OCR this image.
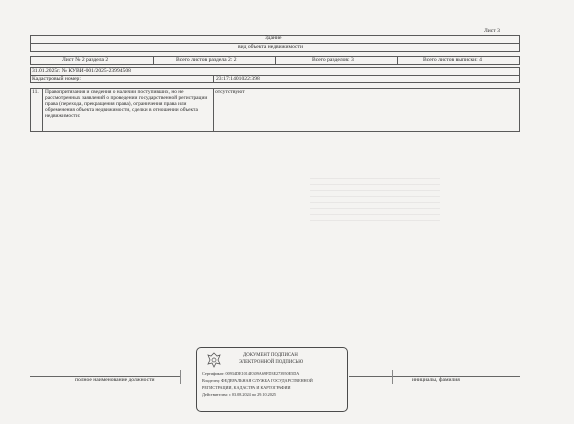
Лист 3
Здание
вид объекта недвижимости
Лист № 2 раздела 2	Всего листов раздела 2: 2	Всего разделов: 3	Всего листов выписки: 4
31.01.2025г. № КУВИ-001/2025-23994508
Кадастровый номер:	23:17:1401022:398
11. Правопритязания и сведения о наличии поступивших, но не рассмотренных заявлений о проведении государственной регистрации права (перехода, прекращения права), ограничения права или обременения объекта недвижимости, сделки в отношении объекта недвижимости:
отсутствуют
полное наименование должности	инициалы, фамилия
ДОКУМЕНТ ПОДПИСАН
ЭЛЕКТРОННОЙ ПОДПИСЬЮ
Сертификат: 00934DE1014E309A69FD3E273950E5DA
Владелец: ФЕДЕРАЛЬНАЯ СЛУЖБА ГОСУДАРСТВЕННОЙ
РЕГИСТРАЦИИ, КАДАСТРА И КАРТОГРАФИИ
Действителен: с 03.08.2024 по 29.10.2025
